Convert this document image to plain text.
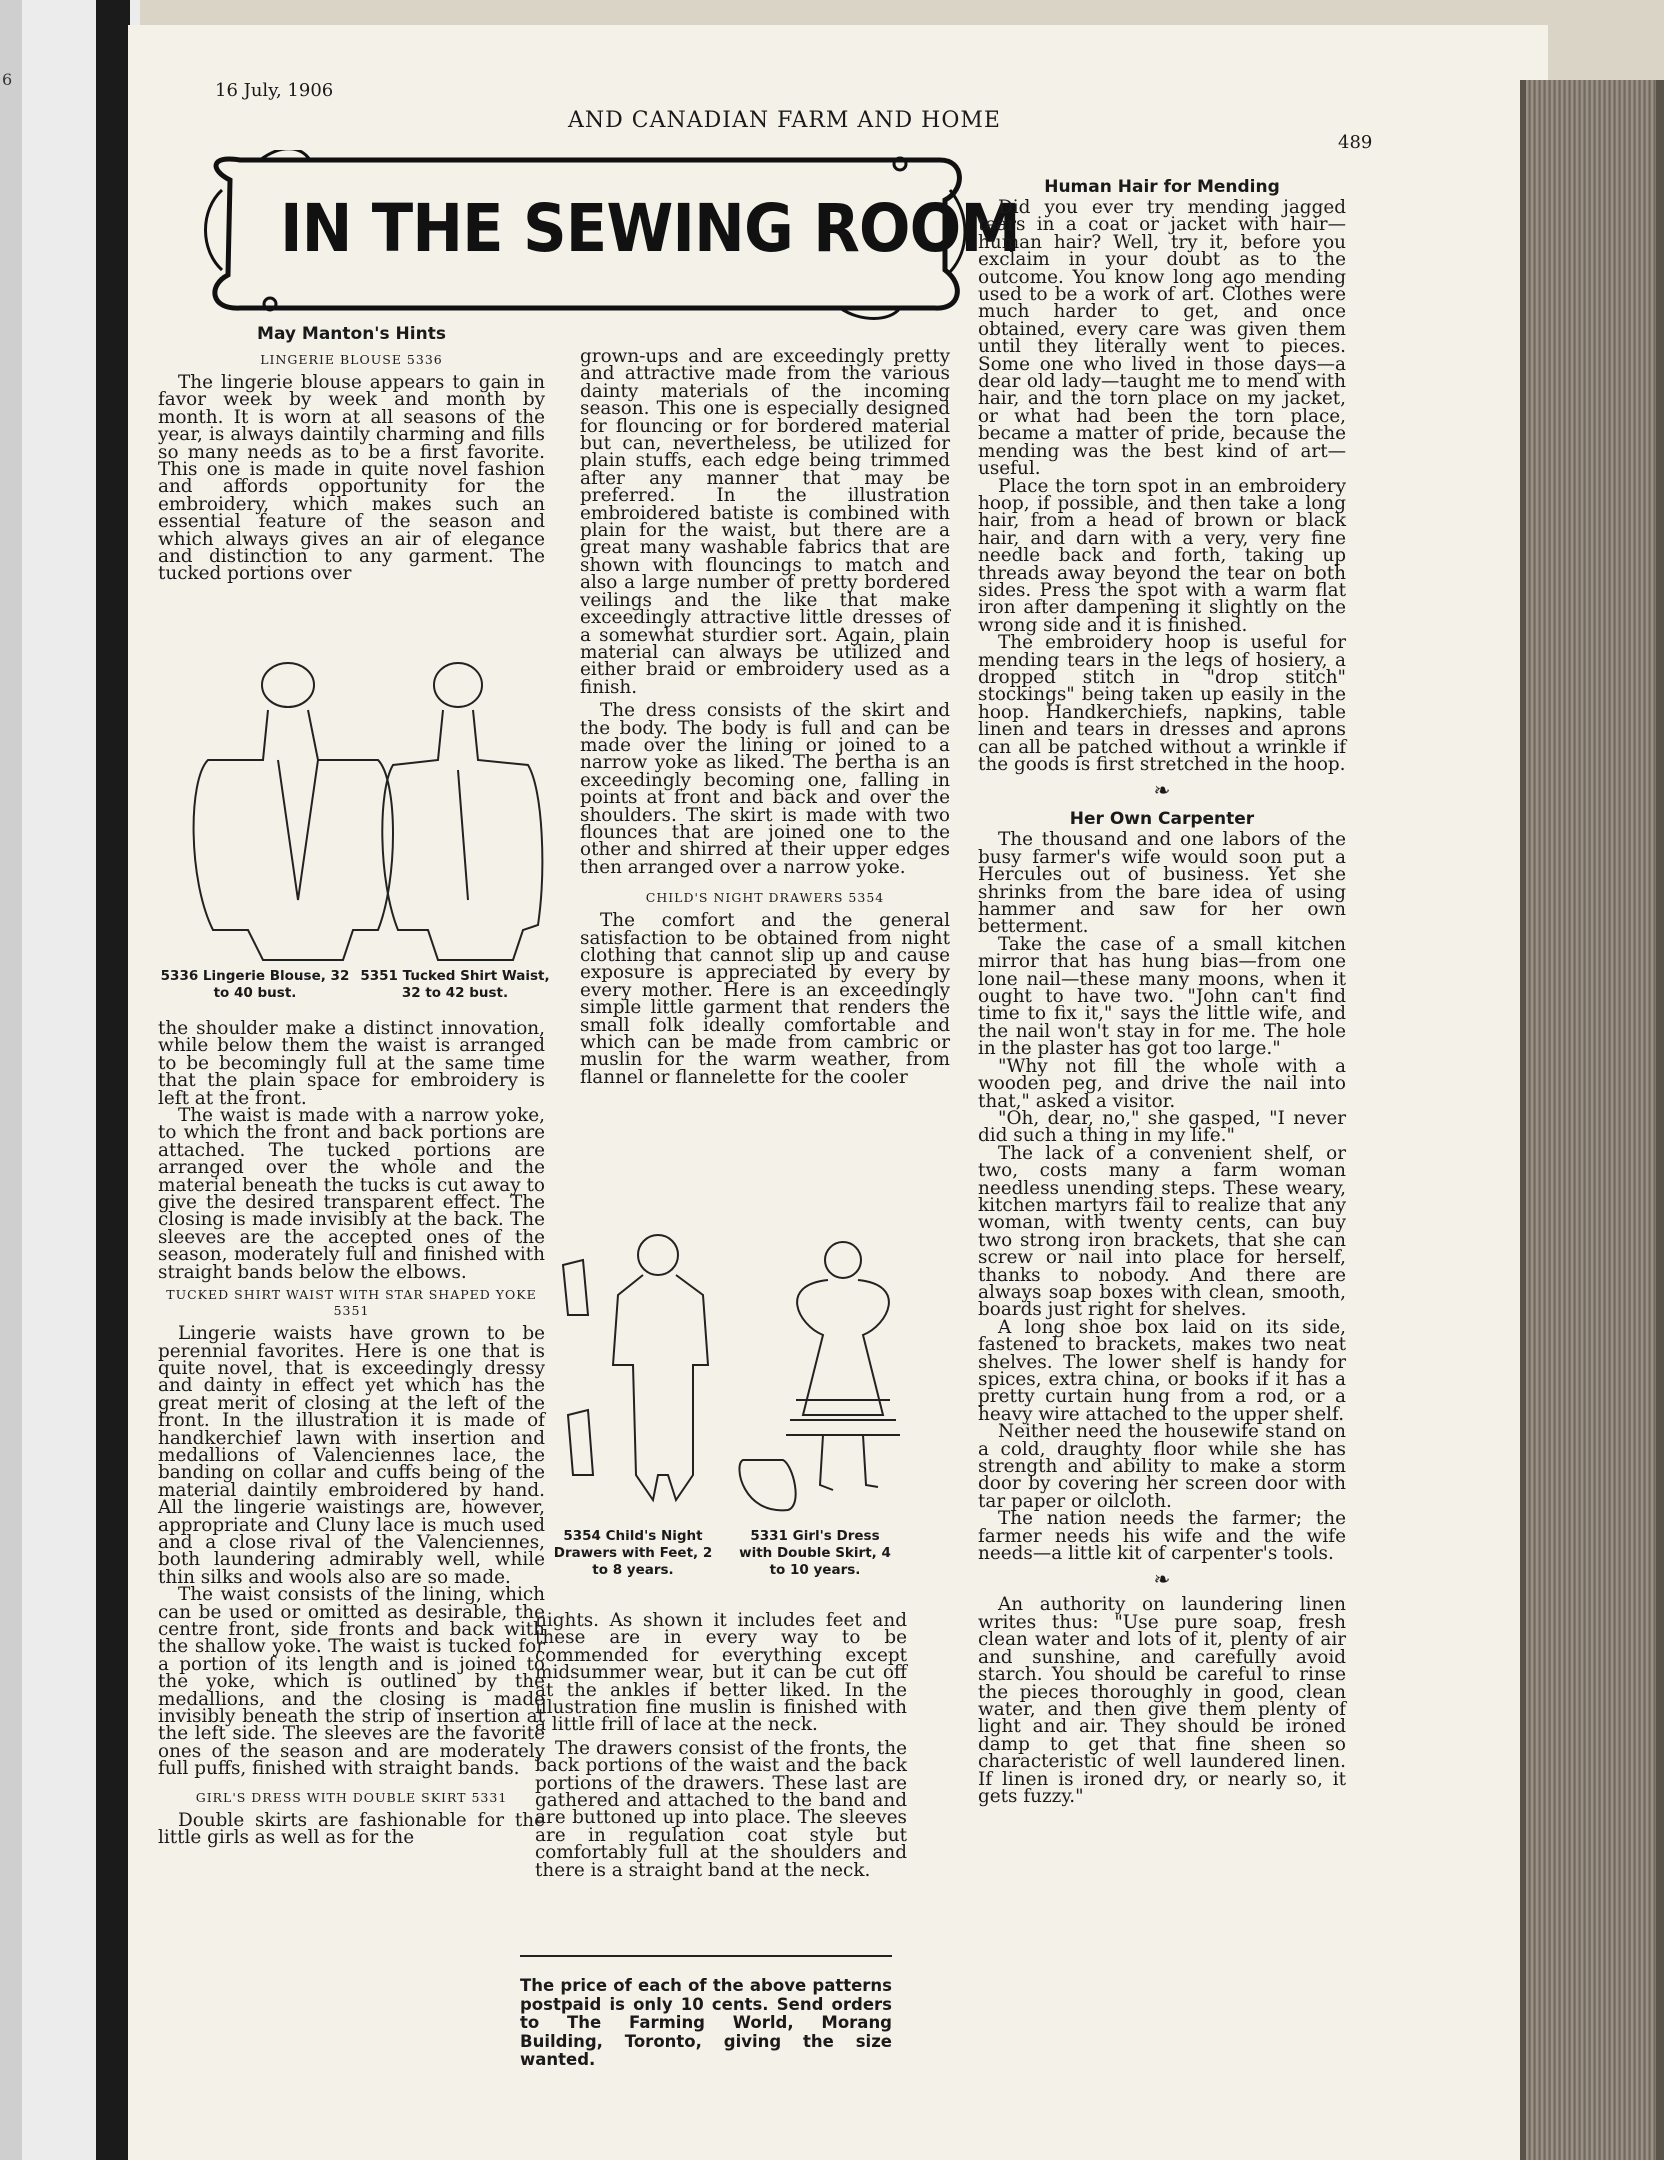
6
16 July, 1906
AND CANADIAN FARM AND HOME
489
IN THE SEWING ROOM
May Manton's Hints
LINGERIE BLOUSE 5336

The lingerie blouse appears to gain in favor week by week and month by month. It is worn at all seasons of the year, is always daintily charming and fills so many needs as to be a first favorite. This one is made in quite novel fashion and affords opportunity for the embroidery, which makes such an essential feature of the season and which always gives an air of elegance and distinction to any garment. The tucked portions over

5336 Lingerie Blouse, 32 to 40 bust.
5351 Tucked Shirt Waist, 32 to 42 bust.

the shoulder make a distinct innovation, while below them the waist is arranged to be becomingly full at the same time that the plain space for embroidery is left at the front.

The waist is made with a narrow yoke, to which the front and back portions are attached. The tucked portions are arranged over the whole and the material beneath the tucks is cut away to give the desired transparent effect. The closing is made invisibly at the back. The sleeves are the accepted ones of the season, moderately full and finished with straight bands below the elbows.

TUCKED SHIRT WAIST WITH STAR SHAPED YOKE 5351

Lingerie waists have grown to be perennial favorites. Here is one that is quite novel, that is exceedingly dressy and dainty in effect yet which has the great merit of closing at the left of the front. In the illustration it is made of handkerchief lawn with insertion and medallions of Valenciennes lace, the banding on collar and cuffs being of the material daintily embroidered by hand. All the lingerie waistings are, however, appropriate and Cluny lace is much used and a close rival of the Valenciennes, both laundering admirably well, while thin silks and wools also are so made.

The waist consists of the lining, which can be used or omitted as desirable, the centre front, side fronts and back with the shallow yoke. The waist is tucked for a portion of its length and is joined to the yoke, which is outlined by the medallions, and the closing is made invisibly beneath the strip of insertion at the left side. The sleeves are the favorite ones of the season and are moderately full puffs, finished with straight bands.

GIRL'S DRESS WITH DOUBLE SKIRT 5331

Double skirts are fashionable for the little girls as well as for the

grown-ups and are exceedingly pretty and attractive made from the various dainty materials of the incoming season. This one is especially designed for flouncing or for bordered material but can, nevertheless, be utilized for plain stuffs, each edge being trimmed after any manner that may be preferred. In the illustration embroidered batiste is combined with plain for the waist, but there are a great many washable fabrics that are shown with flouncings to match and also a large number of pretty bordered veilings and the like that make exceedingly attractive little dresses of a somewhat sturdier sort. Again, plain material can always be utilized and either braid or embroidery used as a finish.

The dress consists of the skirt and the body. The body is full and can be made over the lining or joined to a narrow yoke as liked. The bertha is an exceedingly becoming one, falling in points at front and back and over the shoulders. The skirt is made with two flounces that are joined one to the other and shirred at their upper edges then arranged over a narrow yoke.

CHILD'S NIGHT DRAWERS 5354

The comfort and the general satisfaction to be obtained from night clothing that cannot slip up and cause exposure is appreciated by every by every mother. Here is an exceedingly simple little garment that renders the small folk ideally comfortable and which can be made from cambric or muslin for the warm weather, from flannel or flannelette for the cooler

5354 Child's Night Drawers with Feet, 2 to 8 years.
5331 Girl's Dress with Double Skirt, 4 to 10 years.

nights. As shown it includes feet and these are in every way to be commended for everything except midsummer wear, but it can be cut off at the ankles if better liked. In the illustration fine muslin is finished with a little frill of lace at the neck.

The drawers consist of the fronts, the back portions of the waist and the back portions of the drawers. These last are gathered and attached to the band and are buttoned up into place. The sleeves are in regulation coat style but comfortably full at the shoulders and there is a straight band at the neck.

The price of each of the above patterns postpaid is only 10 cents. Send orders to The Farming World, Morang Building, Toronto, giving the size wanted.
Human Hair for Mending

Did you ever try mending jagged tears in a coat or jacket with hair—human hair? Well, try it, before you exclaim in your doubt as to the outcome. You know long ago mending used to be a work of art. Clothes were much harder to get, and once obtained, every care was given them until they literally went to pieces. Some one who lived in those days—a dear old lady—taught me to mend with hair, and the torn place on my jacket, or what had been the torn place, became a matter of pride, because the mending was the best kind of art—useful.

Place the torn spot in an embroidery hoop, if possible, and then take a long hair, from a head of brown or black hair, and darn with a very, very fine needle back and forth, taking up threads away beyond the tear on both sides. Press the spot with a warm flat iron after dampening it slightly on the wrong side and it is finished.

The embroidery hoop is useful for mending tears in the legs of hosiery, a dropped stitch in "drop stitch" stockings" being taken up easily in the hoop. Handkerchiefs, napkins, table linen and tears in dresses and aprons can all be patched without a wrinkle if the goods is first stretched in the hoop.

❧
Her Own Carpenter

The thousand and one labors of the busy farmer's wife would soon put a Hercules out of business. Yet she shrinks from the bare idea of using hammer and saw for her own betterment.

Take the case of a small kitchen mirror that has hung bias—from one lone nail—these many moons, when it ought to have two. "John can't find time to fix it," says the little wife, and the nail won't stay in for me. The hole in the plaster has got too large."

"Why not fill the whole with a wooden peg, and drive the nail into that," asked a visitor.

"Oh, dear, no," she gasped, "I never did such a thing in my life."

The lack of a convenient shelf, or two, costs many a farm woman needless unending steps. These weary, kitchen martyrs fail to realize that any woman, with twenty cents, can buy two strong iron brackets, that she can screw or nail into place for herself, thanks to nobody. And there are always soap boxes with clean, smooth, boards just right for shelves.

A long shoe box laid on its side, fastened to brackets, makes two neat shelves. The lower shelf is handy for spices, extra china, or books if it has a pretty curtain hung from a rod, or a heavy wire attached to the upper shelf.

Neither need the housewife stand on a cold, draughty floor while she has strength and ability to make a storm door by covering her screen door with tar paper or oilcloth.

The nation needs the farmer; the farmer needs his wife and the wife needs—a little kit of carpenter's tools.

❧

An authority on laundering linen writes thus: "Use pure soap, fresh clean water and lots of it, plenty of air and sunshine, and carefully avoid starch. You should be careful to rinse the pieces thoroughly in good, clean water, and then give them plenty of light and air. They should be ironed damp to get that fine sheen so characteristic of well laundered linen. If linen is ironed dry, or nearly so, it gets fuzzy."
